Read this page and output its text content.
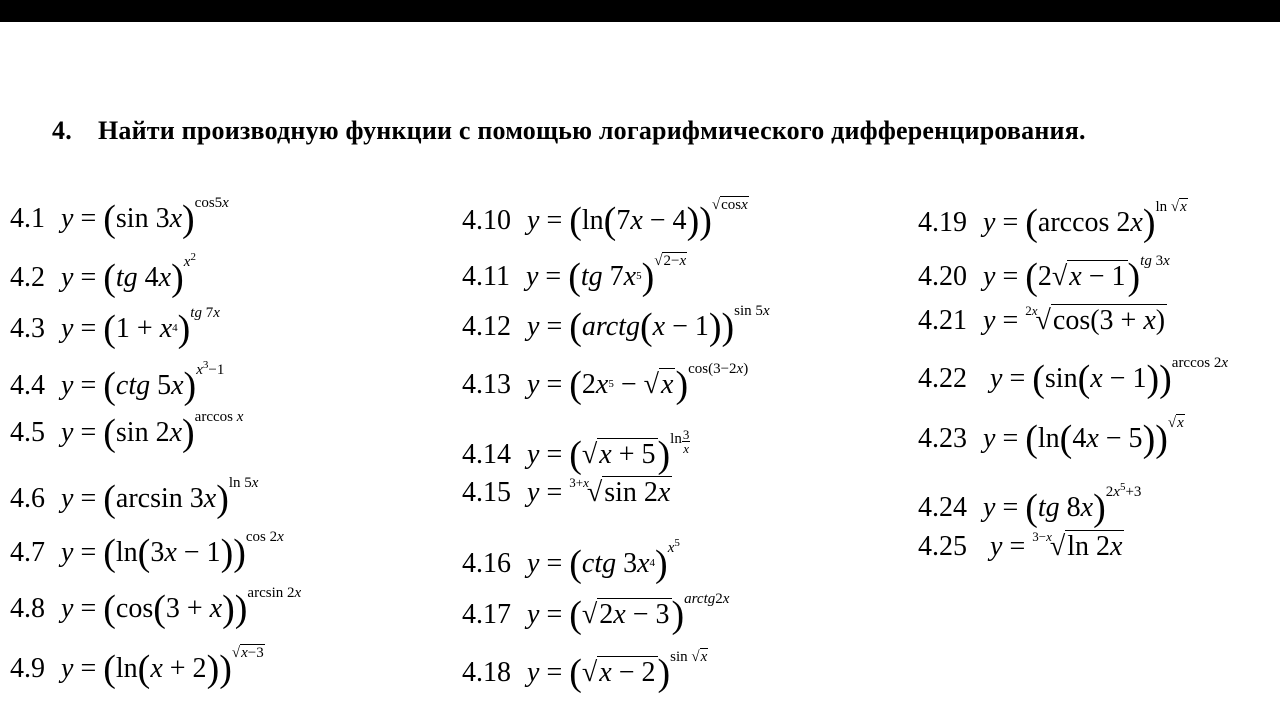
4. Найти производную функции с помощью логарифмического дифференцирования.
4.1 y = (sin 3x)$^{cos5x}$
4.2 y = (tg 4x)$^{x^2}$
4.3 $y = (1 + x^4)^{tg 7x}$
4.4 y = (ctg 5x)$^{x^3-1}$
4.5 y = (sin 2x)$^{arccos x}$
4.6 y = (arcsin 3x)$^{ln 5x}$
4.7 $y = (\ln(3x - 1))^{cos 2x}$
4.8 $y = (\cos(3 + x))^{arcsin 2x}$
4.9 $y = (\ln(x + 2))^{√x-3}$
4.10 $y = (\ln(7x - 4))^{√cosx}$
4.11 y = (tg $7x^5)^{√2-x}$
4.12 y = (arctg(x − 1))$^{sin 5x}$
4.13 $y = (2x^5 - √x)^{cos(3-2x)}$
4.14 $y = (√x + 5)^{ln} \frac{3}{x}$
4.15 y = $^{3+x}$√sin 2x
4.16 y = (ctg $3x^4)^{x^5}$
4.17 $y = (√2x - 3)^{arctg2x}$
4.18 $y = (√x - 2)^{sin √x}$
4.19 y = (arccos 2x)$^{ln √x}$
4.20 $y = (2√x - 1)^{tg 3x}$
4.21 y = $^{2x}$√cos(3 + x)
4.22 $y = (\sin(x - 1))^{arccos 2x}$
4.23 $y = (\ln(4x - 5))^{√x}$
4.24 y = (tg 8x)$^{2x^5+3}$
4.25 y = $^{3-x}$√ln 2x
